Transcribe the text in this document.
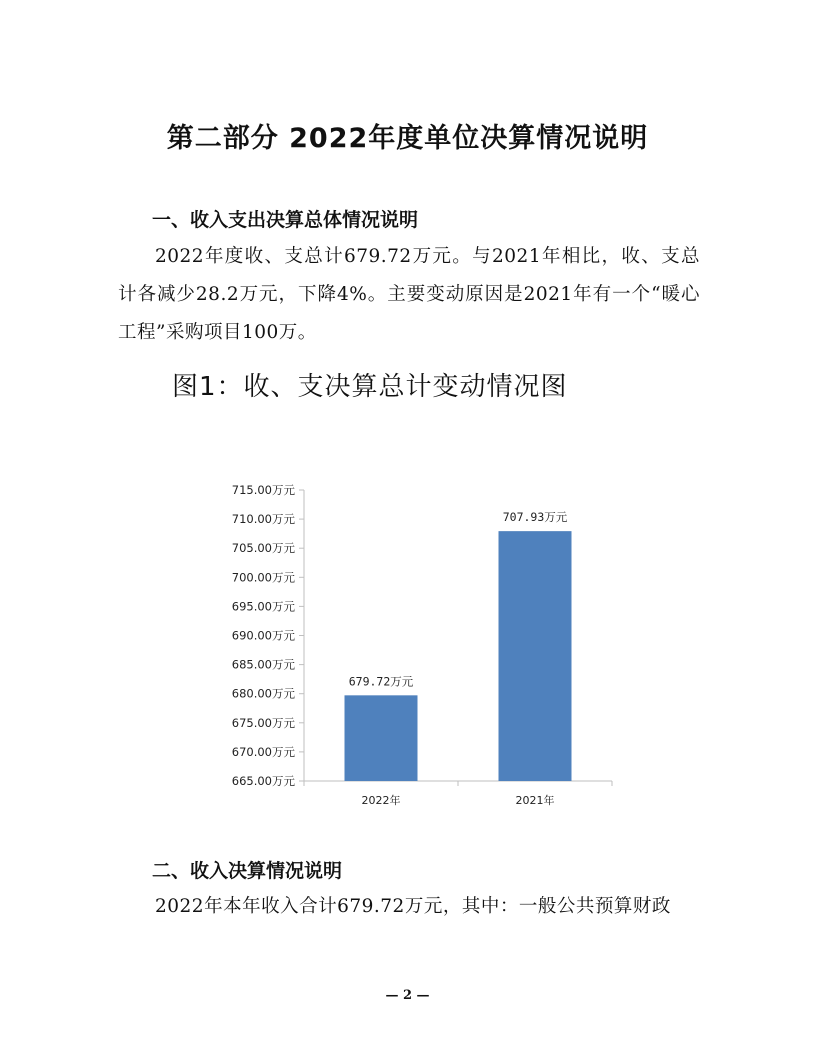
第二部分 2022年度单位决算情况说明
一、收入支出决算总体情况说明
2022年度收、支总计679.72万元。与2021年相比，收、支总计各减少28.2万元，下降4%。主要变动原因是2021年有一个“暖心工程”采购项目100万。
图1：收、支决算总计变动情况图
665.00万元
670.00万元
675.00万元
680.00万元
685.00万元
690.00万元
695.00万元
700.00万元
705.00万元
710.00万元
715.00万元
2022年
679.72万元
2021年
707.93万元
二、收入决算情况说明
2022年本年收入合计679.72万元，其中：一般公共预算财政
— 2 —
